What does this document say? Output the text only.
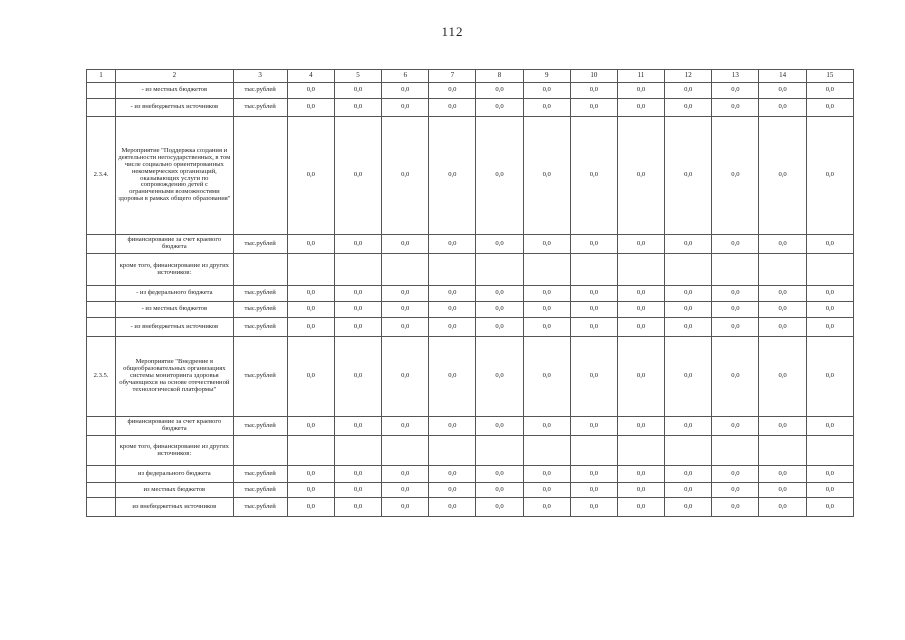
112
1	2	3	4	5	6	7	8	9	10	11	12	13	14	15
	- из местных бюджетов	тыс.рублей	0,0	0,0	0,0	0,0	0,0	0,0	0,0	0,0	0,0	0,0	0,0	0,0
	- из внебюджетных источников	тыс.рублей	0,0	0,0	0,0	0,0	0,0	0,0	0,0	0,0	0,0	0,0	0,0	0,0
2.3.4.	Мероприятие "Поддержка создания и деятельности негосударственных, в том числе социально ориентированных некоммерческих организаций, оказывающих услуги по сопровождению детей с ограниченными возможностями здоровья в рамках общего образования"		0,0	0,0	0,0	0,0	0,0	0,0	0,0	0,0	0,0	0,0	0,0	0,0
	финансирование за счет краевого бюджета	тыс.рублей	0,0	0,0	0,0	0,0	0,0	0,0	0,0	0,0	0,0	0,0	0,0	0,0
	кроме того, финансирование из других источников:													
	- из федерального бюджета	тыс.рублей	0,0	0,0	0,0	0,0	0,0	0,0	0,0	0,0	0,0	0,0	0,0	0,0
	- из местных бюджетов	тыс.рублей	0,0	0,0	0,0	0,0	0,0	0,0	0,0	0,0	0,0	0,0	0,0	0,0
	- из внебюджетных источников	тыс.рублей	0,0	0,0	0,0	0,0	0,0	0,0	0,0	0,0	0,0	0,0	0,0	0,0
2.3.5.	Мероприятие "Внедрение в общеобразовательных организациях системы мониторинга здоровья обучающихся на основе отечественной технологической платформы"	тыс.рублей	0,0	0,0	0,0	0,0	0,0	0,0	0,0	0,0	0,0	0,0	0,0	0,0
	финансирование за счет краевого бюджета	тыс.рублей	0,0	0,0	0,0	0,0	0,0	0,0	0,0	0,0	0,0	0,0	0,0	0,0
	кроме того, финансирование из других источников:													
	из федерального бюджета	тыс.рублей	0,0	0,0	0,0	0,0	0,0	0,0	0,0	0,0	0,0	0,0	0,0	0,0
	из местных бюджетов	тыс.рублей	0,0	0,0	0,0	0,0	0,0	0,0	0,0	0,0	0,0	0,0	0,0	0,0
	из внебюджетных источников	тыс.рублей	0,0	0,0	0,0	0,0	0,0	0,0	0,0	0,0	0,0	0,0	0,0	0,0
